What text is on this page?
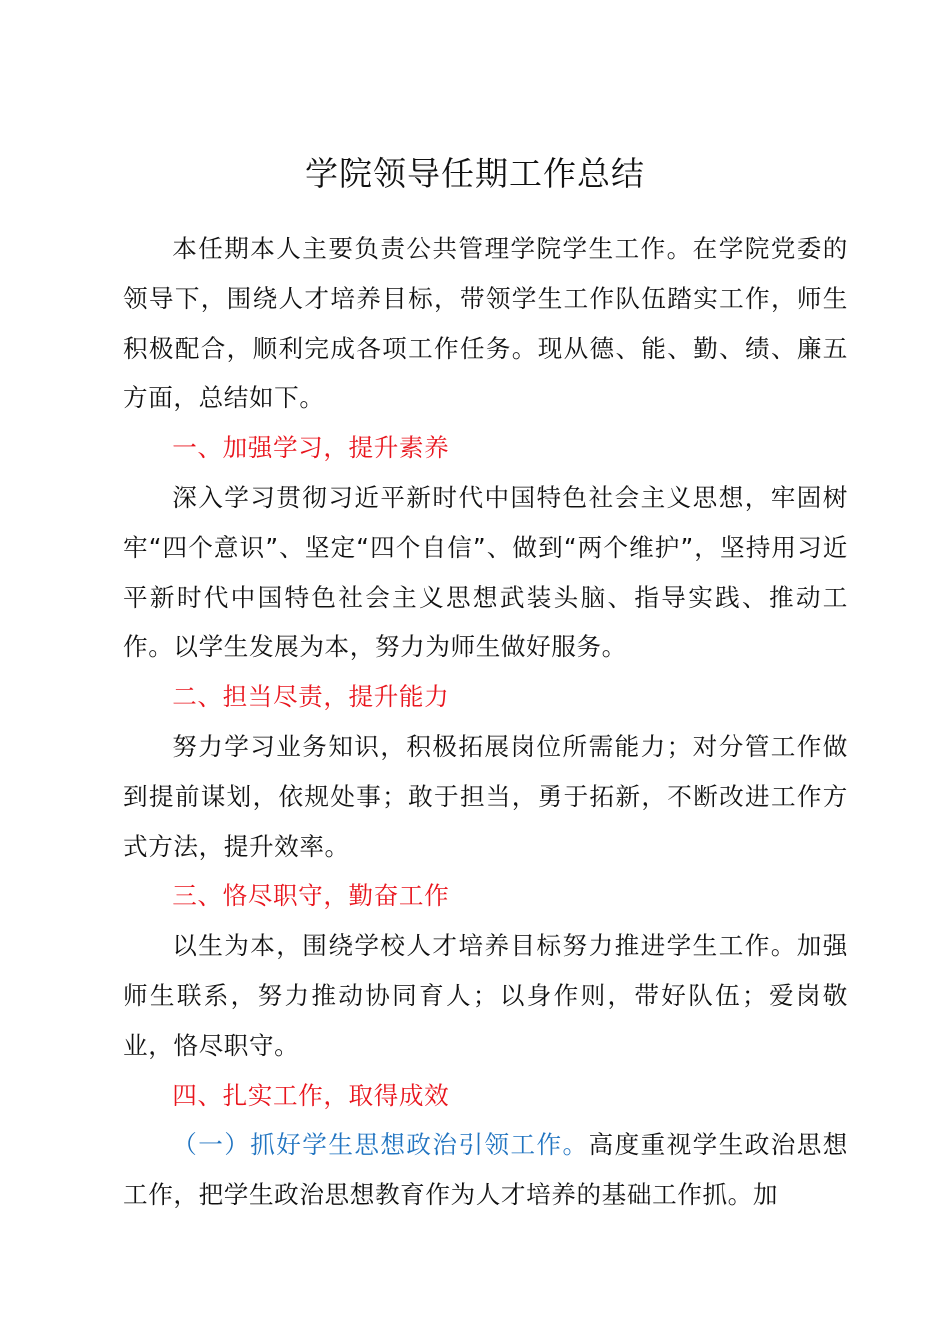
学院领导任期工作总结

本任期本人主要负责公共管理学院学生工作。在学院党委的领导下，围绕人才培养目标，带领学生工作队伍踏实工作，师生积极配合，顺利完成各项工作任务。现从德、能、勤、绩、廉五方面，总结如下。

一、加强学习，提升素养

深入学习贯彻习近平新时代中国特色社会主义思想，牢固树牢“四个意识”、坚定“四个自信”、做到“两个维护”，坚持用习近平新时代中国特色社会主义思想武装头脑、指导实践、推动工作。以学生发展为本，努力为师生做好服务。

二、担当尽责，提升能力

努力学习业务知识，积极拓展岗位所需能力；对分管工作做到提前谋划，依规处事；敢于担当，勇于拓新，不断改进工作方式方法，提升效率。

三、恪尽职守，勤奋工作

以生为本，围绕学校人才培养目标努力推进学生工作。加强师生联系，努力推动协同育人；以身作则，带好队伍；爱岗敬业，恪尽职守。

四、扎实工作，取得成效

（一）抓好学生思想政治引领工作。高度重视学生政治思想工作，把学生政治思想教育作为人才培养的基础工作抓。加
